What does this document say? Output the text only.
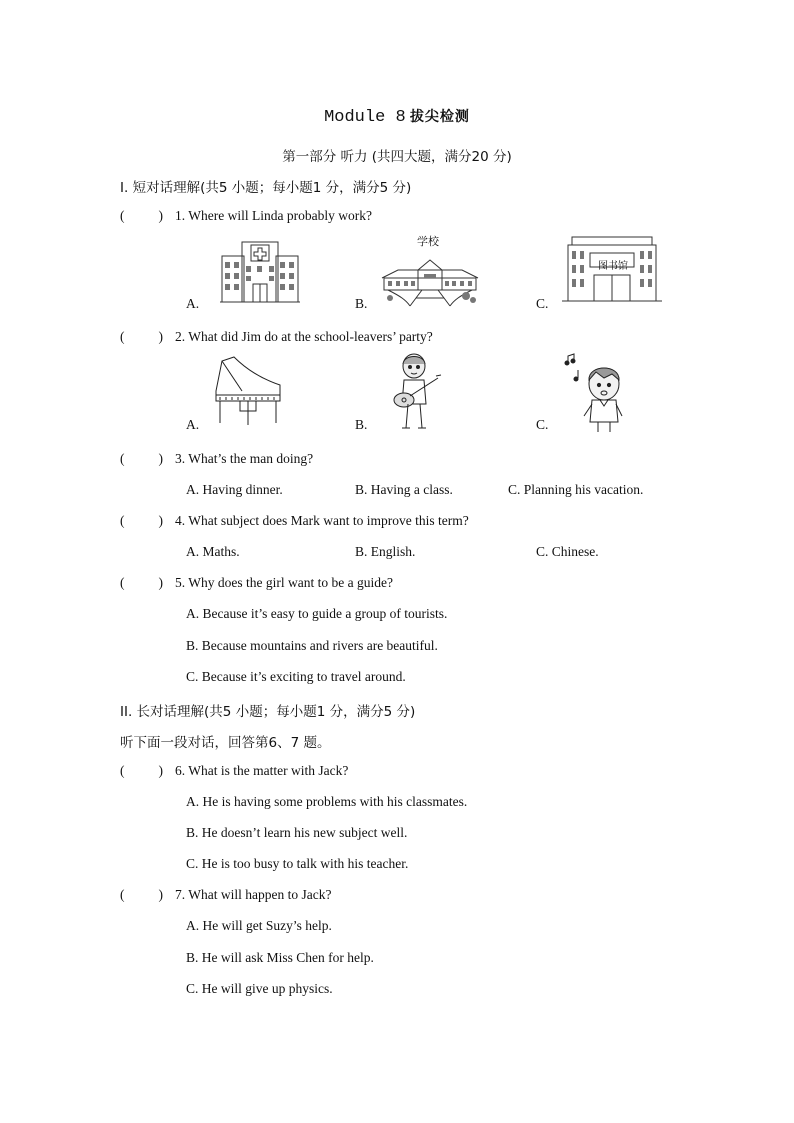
Module 8 拔尖检测
第一部分 听力 (共四大题，满分20 分)
I. 短对话理解(共5 小题；每小题1 分，满分5 分)
(	) 1. Where will Linda probably work?
A.	B.
学校
C.
图书馆
(	) 2. What did Jim do at the school-leavers’ party?
A.	B.	C.
(	) 3. What’s the man doing?
A. Having dinner.	B. Having a class.	C. Planning his vacation.
(	) 4. What subject does Mark want to improve this term?
A. Maths.	B. English.	C. Chinese.
(	) 5. Why does the girl want to be a guide?
A. Because it’s easy to guide a group of tourists.
B. Because mountains and rivers are beautiful.
C. Because it’s exciting to travel around.
II. 长对话理解(共5 小题；每小题1 分，满分5 分)
听下面一段对话，回答第6、7 题。
(	) 6. What is the matter with Jack?
A. He is having some problems with his classmates.
B. He doesn’t learn his new subject well.
C. He is too busy to talk with his teacher.
(	) 7. What will happen to Jack?
A. He will get Suzy’s help.
B. He will ask Miss Chen for help.
C. He will give up physics.
